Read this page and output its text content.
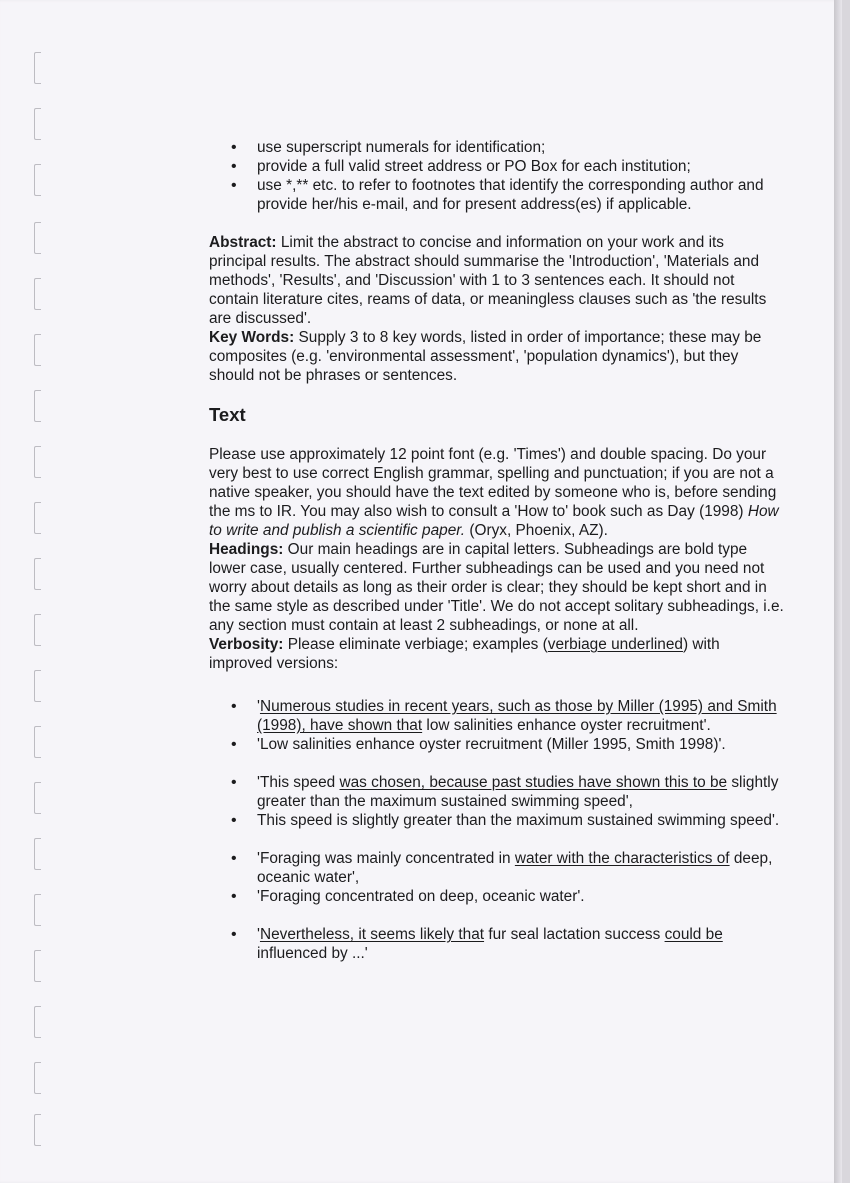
• use superscript numerals for identification;
• provide a full valid street address or PO Box for each institution;
• use *,** etc. to refer to footnotes that identify the corresponding author and provide her/his e-mail, and for present address(es) if applicable.

Abstract: Limit the abstract to concise and information on your work and its principal results. The abstract should summarise the 'Introduction', 'Materials and methods', 'Results', and 'Discussion' with 1 to 3 sentences each. It should not contain literature cites, reams of data, or meaningless clauses such as 'the results are discussed'.

Key Words: Supply 3 to 8 key words, listed in order of importance; these may be composites (e.g. 'environmental assessment', 'population dynamics'), but they should not be phrases or sentences.

Text

Please use approximately 12 point font (e.g. 'Times') and double spacing. Do your very best to use correct English grammar, spelling and punctuation; if you are not a native speaker, you should have the text edited by someone who is, before sending the ms to IR. You may also wish to consult a 'How to' book such as Day (1998) How to write and publish a scientific paper. (Oryx, Phoenix, AZ).

Headings: Our main headings are in capital letters. Subheadings are bold type lower case, usually centered. Further subheadings can be used and you need not worry about details as long as their order is clear; they should be kept short and in the same style as described under 'Title'. We do not accept solitary subheadings, i.e. any section must contain at least 2 subheadings, or none at all.

Verbosity: Please eliminate verbiage; examples (verbiage underlined) with improved versions:

• 'Numerous studies in recent years, such as those by Miller (1995) and Smith (1998), have shown that low salinities enhance oyster recruitment'.
• 'Low salinities enhance oyster recruitment (Miller 1995, Smith 1998)'.
• 'This speed was chosen, because past studies have shown this to be slightly greater than the maximum sustained swimming speed',
• This speed is slightly greater than the maximum sustained swimming speed'.
• 'Foraging was mainly concentrated in water with the characteristics of deep, oceanic water',
• 'Foraging concentrated on deep, oceanic water'.
• 'Nevertheless, it seems likely that fur seal lactation success could be influenced by ...'
